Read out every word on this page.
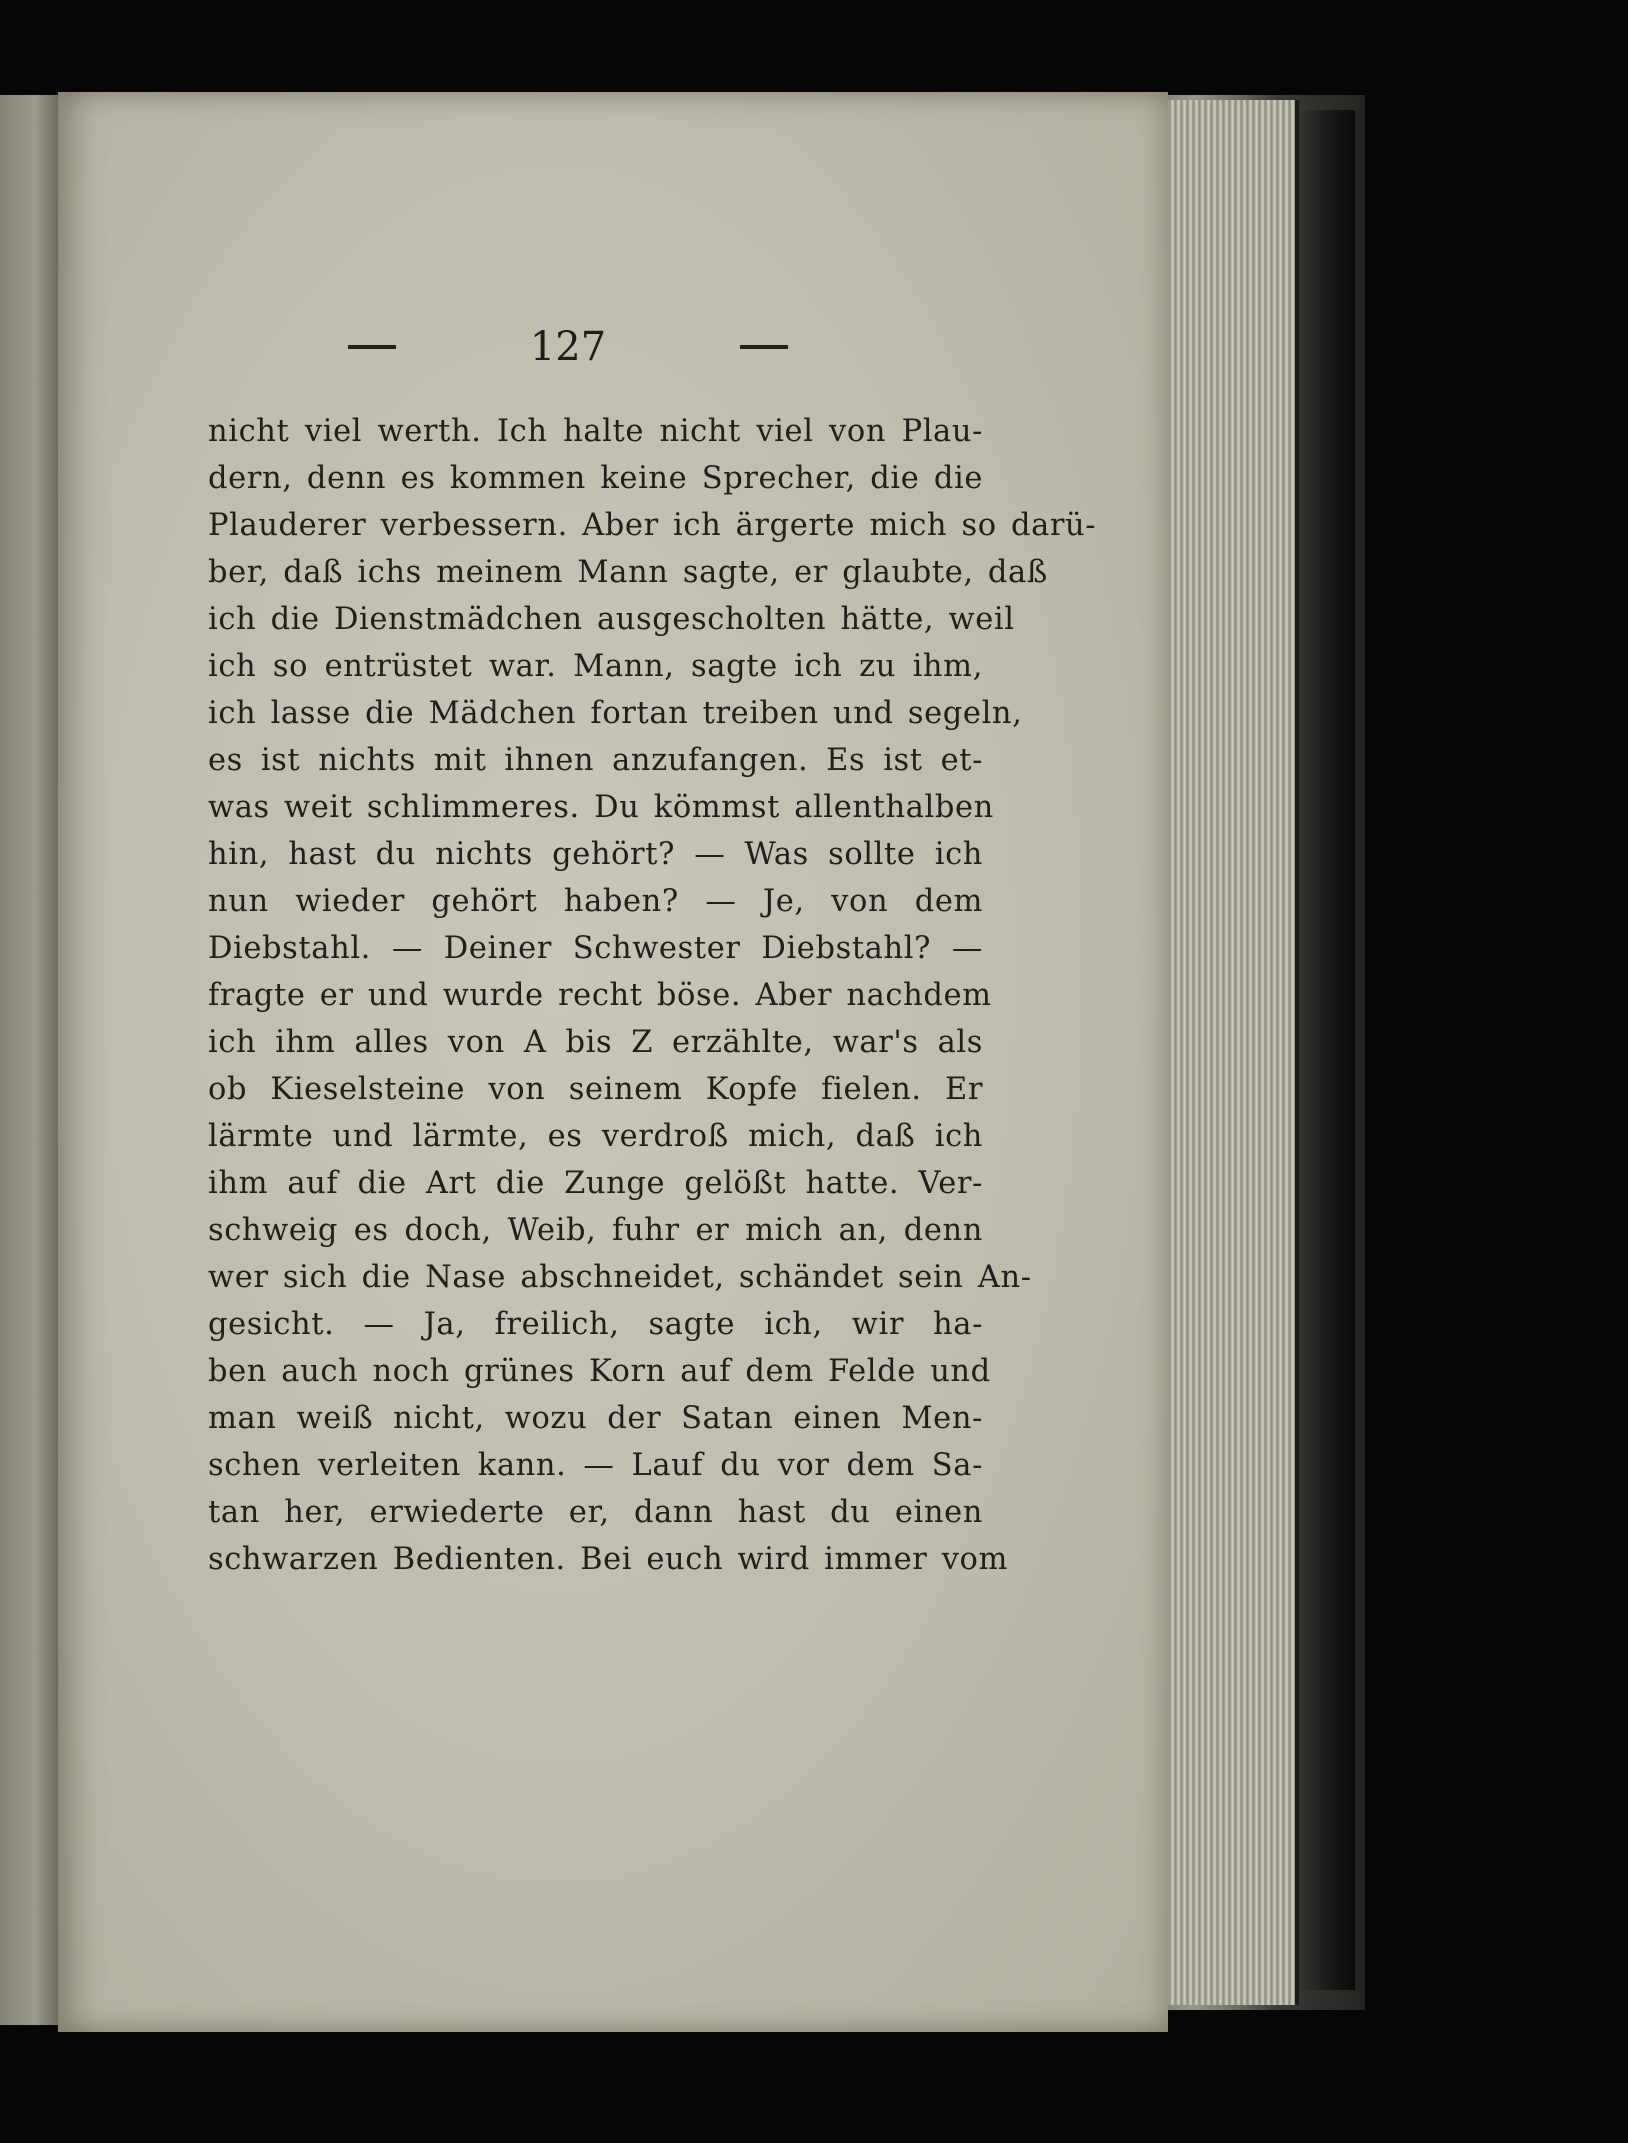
127
nicht viel werth. Ich halte nicht viel von Plau-
dern, denn es kommen keine Sprecher, die die
Plauderer verbessern. Aber ich ärgerte mich so darü-
ber, daß ichs meinem Mann sagte, er glaubte, daß
ich die Dienstmädchen ausgescholten hätte, weil
ich so entrüstet war. Mann, sagte ich zu ihm,
ich lasse die Mädchen fortan treiben und segeln,
es ist nichts mit ihnen anzufangen. Es ist et-
was weit schlimmeres. Du kömmst allenthalben
hin, hast du nichts gehört? — Was sollte ich
nun wieder gehört haben? — Je, von dem
Diebstahl. — Deiner Schwester Diebstahl? —
fragte er und wurde recht böse. Aber nachdem
ich ihm alles von A bis Z erzählte, war's als
ob Kieselsteine von seinem Kopfe fielen. Er
lärmte und lärmte, es verdroß mich, daß ich
ihm auf die Art die Zunge gelößt hatte. Ver-
schweig es doch, Weib, fuhr er mich an, denn
wer sich die Nase abschneidet, schändet sein An-
gesicht. — Ja, freilich, sagte ich, wir ha-
ben auch noch grünes Korn auf dem Felde und
man weiß nicht, wozu der Satan einen Men-
schen verleiten kann. — Lauf du vor dem Sa-
tan her, erwiederte er, dann hast du einen
schwarzen Bedienten. Bei euch wird immer vom
